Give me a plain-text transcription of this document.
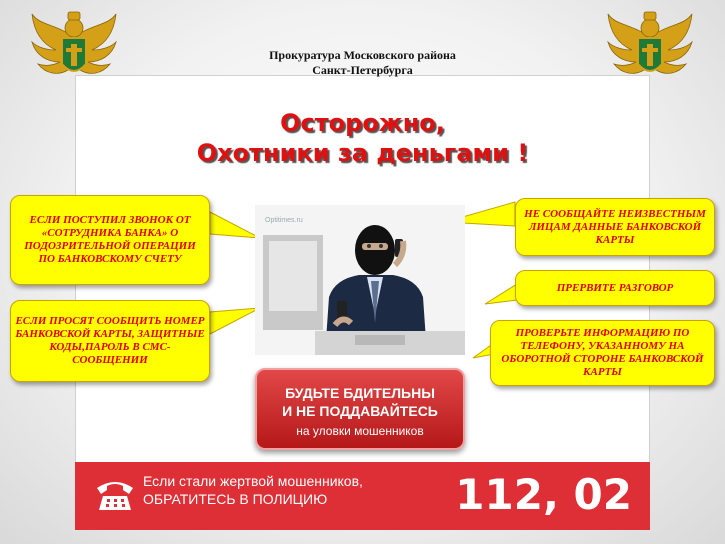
Прокуратура Московского района
Санкт-Петербурга
Осторожно,
Охотники за деньгами !
ЕСЛИ ПОСТУПИЛ ЗВОНОК ОТ «СОТРУДНИКА БАНКА» О ПОДОЗРИТЕЛЬНОЙ ОПЕРАЦИИ ПО БАНКОВСКОМУ СЧЕТУ
ЕСЛИ ПРОСЯТ СООБЩИТЬ НОМЕР БАНКОВСКОЙ КАРТЫ, ЗАЩИТНЫЕ КОДЫ,ПАРОЛЬ В СМС-СООБЩЕНИИ
НЕ СООБЩАЙТЕ НЕИЗВЕСТНЫМ ЛИЦАМ ДАННЫЕ БАНКОВСКОЙ КАРТЫ
ПРЕРВИТЕ РАЗГОВОР
ПРОВЕРЬТЕ ИНФОРМАЦИЮ ПО ТЕЛЕФОНУ, УКАЗАННОМУ НА ОБОРОТНОЙ СТОРОНЕ БАНКОВСКОЙ КАРТЫ
Optitimes.ru
БУДЬТЕ БДИТЕЛЬНЫ
И НЕ ПОДДАВАЙТЕСЬ
на уловки мошенников
Если стали жертвой мошенников,
ОБРАТИТЕСЬ В ПОЛИЦИЮ	112, 02
